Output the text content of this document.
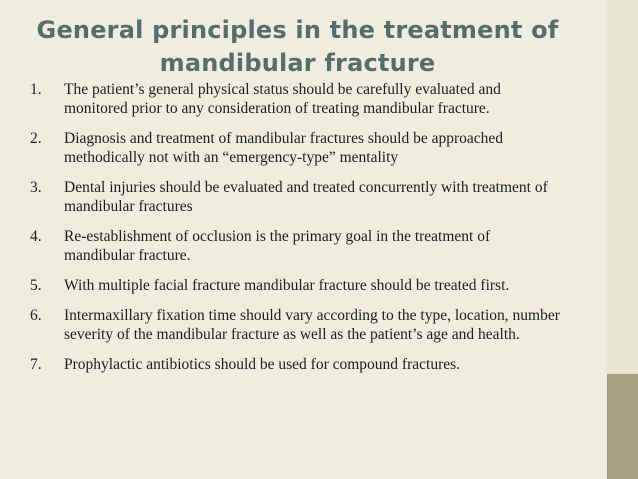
General principles in the treatment of mandibular fracture
1.	The patient’s general physical status should be carefully evaluated and monitored prior to any consideration of treating mandibular fracture.
2.	Diagnosis and treatment of mandibular fractures should be approached methodically not with an “emergency-type” mentality
3.	Dental injuries should be evaluated and treated concurrently with treatment of mandibular fractures
4.	Re-establishment of occlusion is the primary goal in the treatment of mandibular fracture.
5.	With multiple facial fracture mandibular fracture should be treated first.
6.	Intermaxillary fixation time should vary according to the type, location, number severity of the mandibular fracture as well as the patient’s age and health.
7.	Prophylactic antibiotics should be used for compound fractures.
